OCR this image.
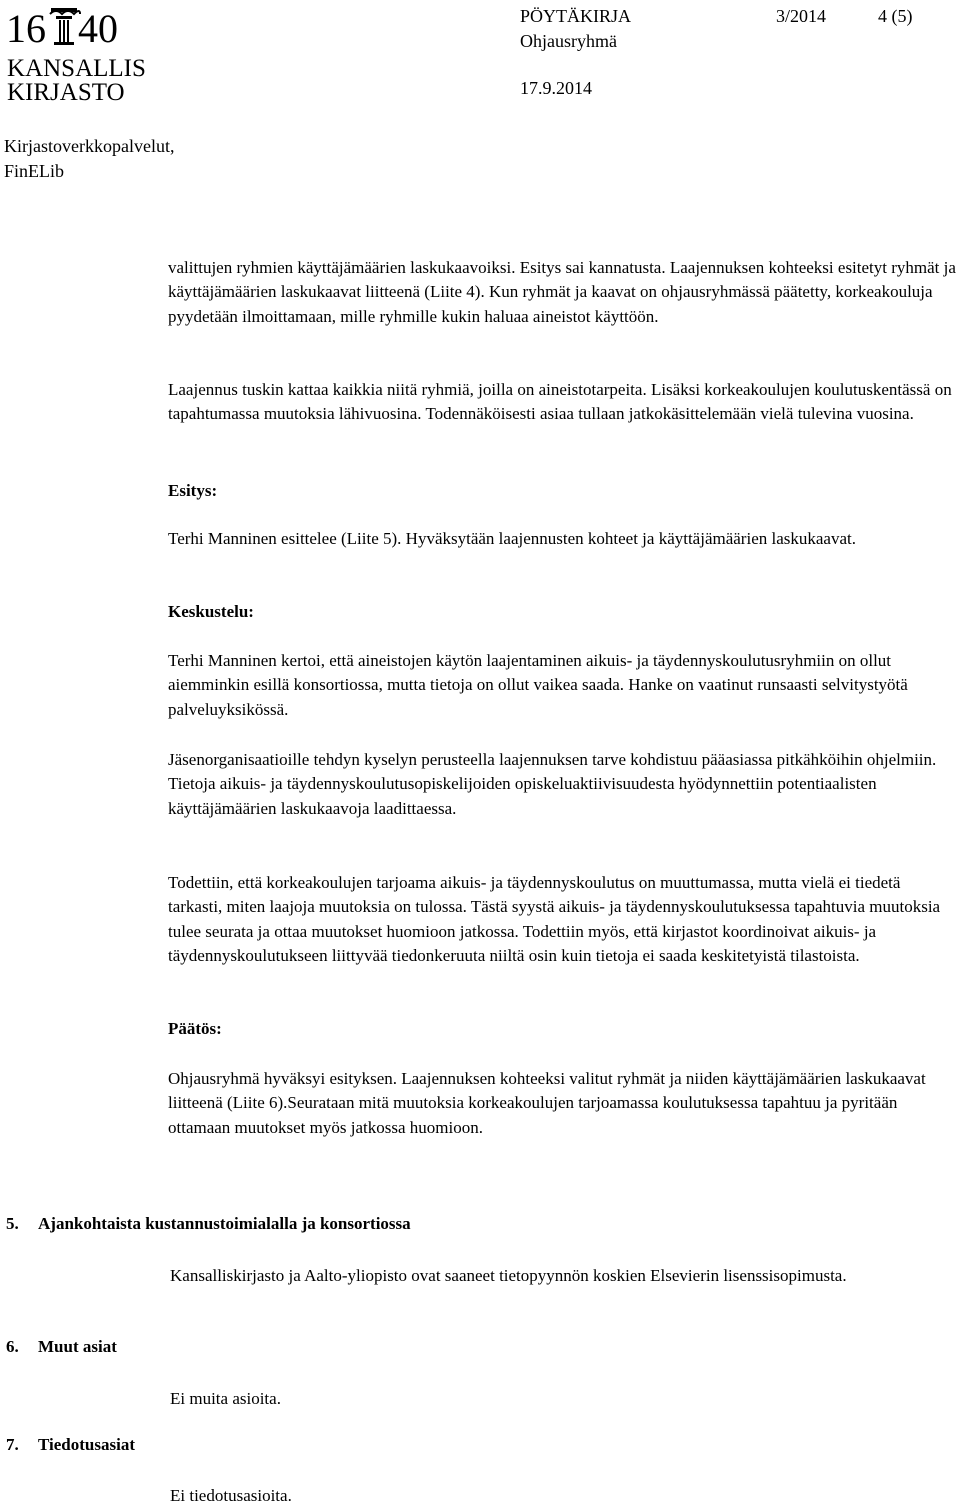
16 40
KANSALLIS
KIRJASTO
PÖYTÄKIRJA	3/2014	4 (5)
Ohjausryhmä
17.9.2014
Kirjastoverkkopalvelut,
FinELib

valittujen ryhmien käyttäjämäärien laskukaavoiksi. Esitys sai kannatusta. Laajennuksen kohteeksi esitetyt ryhmät ja käyttäjämäärien laskukaavat liitteenä (Liite 4). Kun ryhmät ja kaavat on ohjausryhmässä päätetty, korkeakouluja pyydetään ilmoittamaan, mille ryhmille kukin haluaa aineistot käyttöön.

Laajennus tuskin kattaa kaikkia niitä ryhmiä, joilla on aineistotarpeita. Lisäksi korkeakoulujen koulutuskentässä on tapahtumassa muutoksia lähivuosina. Todennäköisesti asiaa tullaan jatkokäsittelemään vielä tulevina vuosina.

Esitys:

Terhi Manninen esittelee (Liite 5). Hyväksytään laajennusten kohteet ja käyttäjämäärien laskukaavat.

Keskustelu:

Terhi Manninen kertoi, että aineistojen käytön laajentaminen aikuis- ja täydennyskoulutusryhmiin on ollut aiemminkin esillä konsortiossa, mutta tietoja on ollut vaikea saada. Hanke on vaatinut runsaasti selvitystyötä palveluyksikössä.

Jäsenorganisaatioille tehdyn kyselyn perusteella laajennuksen tarve kohdistuu pääasiassa pitkähköihin ohjelmiin. Tietoja aikuis- ja täydennyskoulutusopiskelijoiden opiskeluaktiivisuudesta hyödynnettiin potentiaalisten käyttäjämäärien laskukaavoja laadittaessa.

Todettiin, että korkeakoulujen tarjoama aikuis- ja täydennyskoulutus on muuttumassa, mutta vielä ei tiedetä tarkasti, miten laajoja muutoksia on tulossa. Tästä syystä aikuis- ja täydennyskoulutuksessa tapahtuvia muutoksia tulee seurata ja ottaa muutokset huomioon jatkossa. Todettiin myös, että kirjastot koordinoivat aikuis- ja täydennyskoulutukseen liittyvää tiedonkeruuta niiltä osin kuin tietoja ei saada keskitetyistä tilastoista.

Päätös:

Ohjausryhmä hyväksyi esityksen. Laajennuksen kohteeksi valitut ryhmät ja niiden käyttäjämäärien laskukaavat liitteenä (Liite 6).Seurataan mitä muutoksia korkeakoulujen tarjoamassa koulutuksessa tapahtuu ja pyritään ottamaan muutokset myös jatkossa huomioon.

5. Ajankohtaista kustannustoimialalla ja konsortiossa
Kansalliskirjasto ja Aalto-yliopisto ovat saaneet tietopyynnön koskien Elsevierin lisenssisopimusta.
6. Muut asiat
Ei muita asioita.
7. Tiedotusasiat
Ei tiedotusasioita.
